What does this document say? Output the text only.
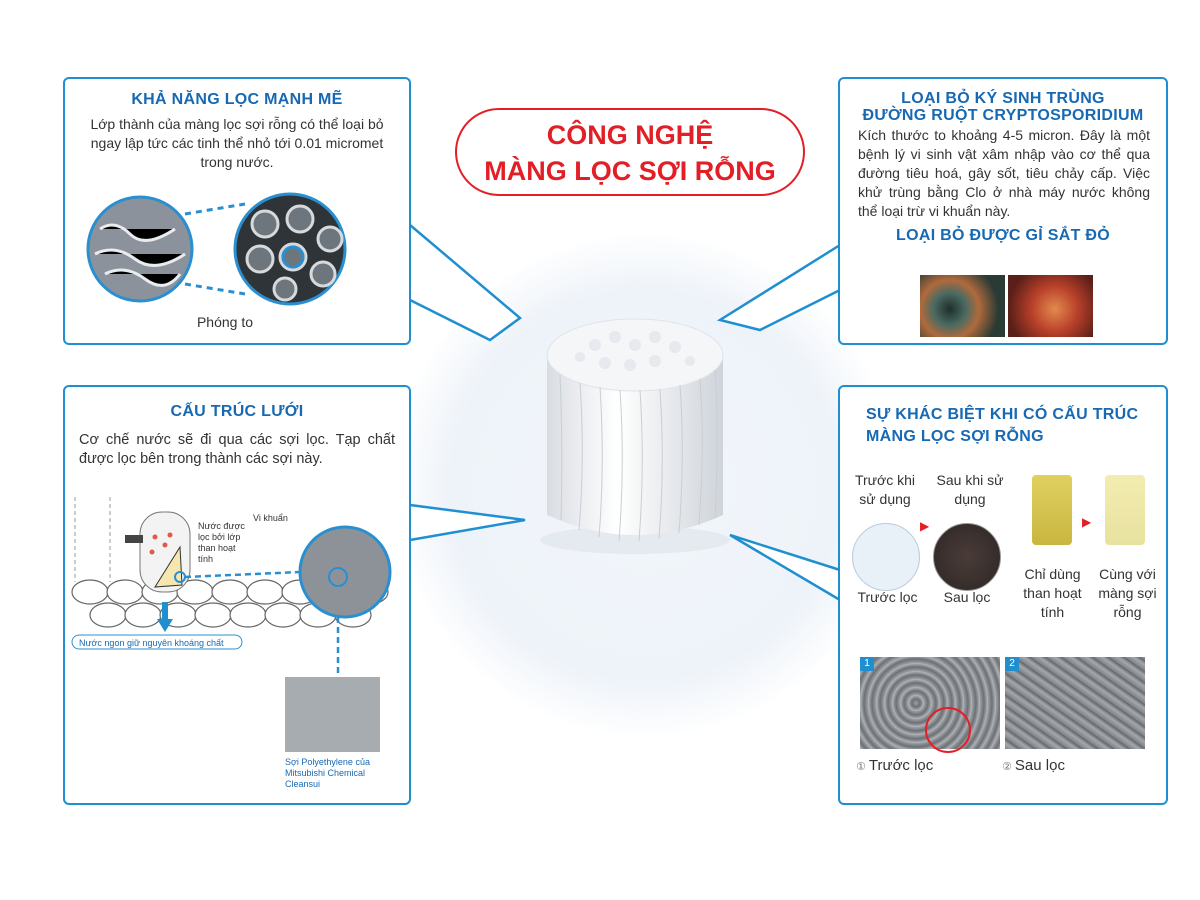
CÔNG NGHỆ
MÀNG LỌC SỢI RỖNG
KHẢ NĂNG LỌC MẠNH MẼ
Lớp thành của màng lọc sợi rỗng có thể loại bỏ ngay lập tức các tinh thể nhỏ tới 0.01 micromet trong nước.
Phóng to
LOẠI BỎ KÝ SINH TRÙNG
ĐƯỜNG RUỘT CRYPTOSPORIDIUM
Kích thước to khoảng 4-5 micron. Đây là một bệnh lý vi sinh vật xâm nhập vào cơ thể qua đường tiêu hoá, gây sốt, tiêu chảy cấp. Việc khử trùng bằng Clo ở nhà máy nước không thể loại trừ vi khuẩn này.
LOẠI BỎ ĐƯỢC GỈ SẮT ĐỎ
CẤU TRÚC LƯỚI
Cơ chế nước sẽ đi qua các sợi lọc. Tạp chất được lọc bên trong thành các sợi này.
Nước được lọc bởi lớp than hoạt tính
Vi khuẩn
Nước ngon giữ nguyên khoáng chất
Sợi Polyethylene của Mitsubishi Chemical Cleansui
SỰ KHÁC BIỆT KHI CÓ CẤU TRÚC
MÀNG LỌC SỢI RỖNG
Trước khi sử dụng
Sau khi sử dụng
▶
Trước lọc	Sau lọc
▶
Chỉ dùng than hoạt tính
Cùng với màng sợi rỗng
1	2
① Trước lọc	② Sau lọc
